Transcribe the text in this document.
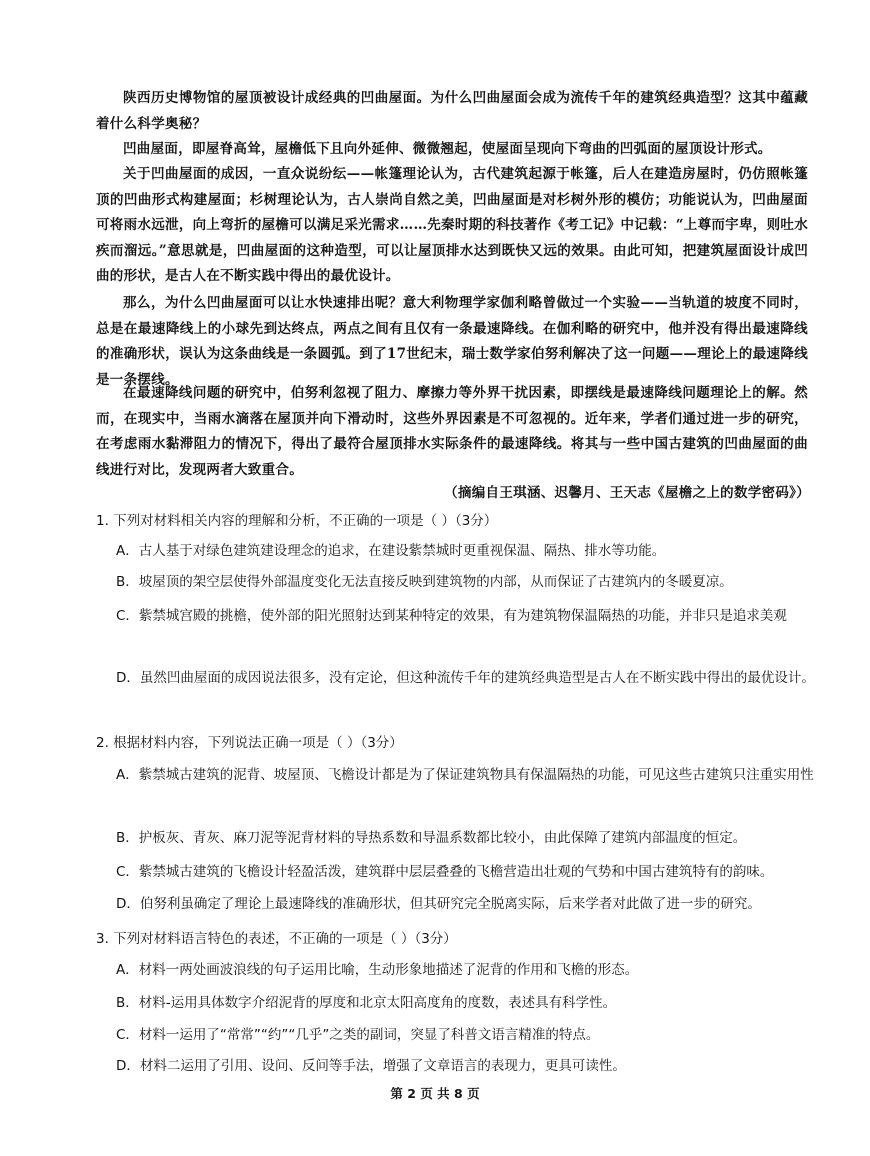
陕西历史博物馆的屋顶被设计成经典的凹曲屋面。为什么凹曲屋面会成为流传千年的建筑经典造型？这其中蕴藏着什么科学奥秘？

凹曲屋面，即屋脊高耸，屋檐低下且向外延伸、微微翘起，使屋面呈现向下弯曲的凹弧面的屋顶设计形式。

关于凹曲屋面的成因，一直众说纷纭——帐篷理论认为，古代建筑起源于帐篷，后人在建造房屋时，仍仿照帐篷顶的凹曲形式构建屋面；杉树理论认为，古人崇尚自然之美，凹曲屋面是对杉树外形的模仿；功能说认为，凹曲屋面可将雨水远泄，向上弯折的屋檐可以满足采光需求……先秦时期的科技著作《考工记》中记载：“上尊而宇卑，则吐水疾而溜远。”意思就是，凹曲屋面的这种造型，可以让屋顶排水达到既快又远的效果。由此可知，把建筑屋面设计成凹曲的形状，是古人在不断实践中得出的最优设计。

那么，为什么凹曲屋面可以让水快速排出呢？意大利物理学家伽利略曾做过一个实验——当轨道的坡度不同时，总是在最速降线上的小球先到达终点，两点之间有且仅有一条最速降线。在伽利略的研究中，他并没有得出最速降线的准确形状，误认为这条曲线是一条圆弧。到了17世纪末，瑞士数学家伯努利解决了这一问题——理论上的最速降线是一条摆线。

在最速降线问题的研究中，伯努利忽视了阻力、摩擦力等外界干扰因素，即摆线是最速降线问题理论上的解。然而，在现实中，当雨水滴落在屋顶并向下滑动时，这些外界因素是不可忽视的。近年来，学者们通过进一步的研究，在考虑雨水黏滞阻力的情况下，得出了最符合屋顶排水实际条件的最速降线。将其与一些中国古建筑的凹曲屋面的曲线进行对比，发现两者大致重合。

（摘编自王琪涵、迟馨月、王天志《屋檐之上的数学密码》）

1. 下列对材料相关内容的理解和分析，不正确的一项是（ ）（3分）

A．古人基于对绿色建筑建设理念的追求，在建设紫禁城时更重视保温、隔热、排水等功能。

B．坡屋顶的架空层使得外部温度变化无法直接反映到建筑物的内部，从而保证了古建筑内的冬暖夏凉。

C．紫禁城宫殿的挑檐，使外部的阳光照射达到某种特定的效果，有为建筑物保温隔热的功能，并非只是追求美观

D．虽然凹曲屋面的成因说法很多，没有定论，但这种流传千年的建筑经典造型是古人在不断实践中得出的最优设计。

2. 根据材料内容，下列说法正确一项是（ ）（3分）

A．紫禁城古建筑的泥背、坡屋顶、飞檐设计都是为了保证建筑物具有保温隔热的功能，可见这些古建筑只注重实用性

B．护板灰、青灰、麻刀泥等泥背材料的导热系数和导温系数都比较小，由此保障了建筑内部温度的恒定。

C．紫禁城古建筑的飞檐设计轻盈活泼，建筑群中层层叠叠的飞檐营造出壮观的气势和中国古建筑特有的韵味。

D．伯努利虽确定了理论上最速降线的准确形状，但其研究完全脱离实际，后来学者对此做了进一步的研究。

3. 下列对材料语言特色的表述，不正确的一项是（ ）（3分）

A．材料一两处画波浪线的句子运用比喻，生动形象地描述了泥背的作用和飞檐的形态。

B．材料-运用具体数字介绍泥背的厚度和北京太阳高度角的度数，表述具有科学性。

C．材料一运用了“常常”“约”“几乎”之类的副词，突显了科普文语言精准的特点。

D．材料二运用了引用、设问、反问等手法，增强了文章语言的表现力，更具可读性。

第 2 页 共 8 页
